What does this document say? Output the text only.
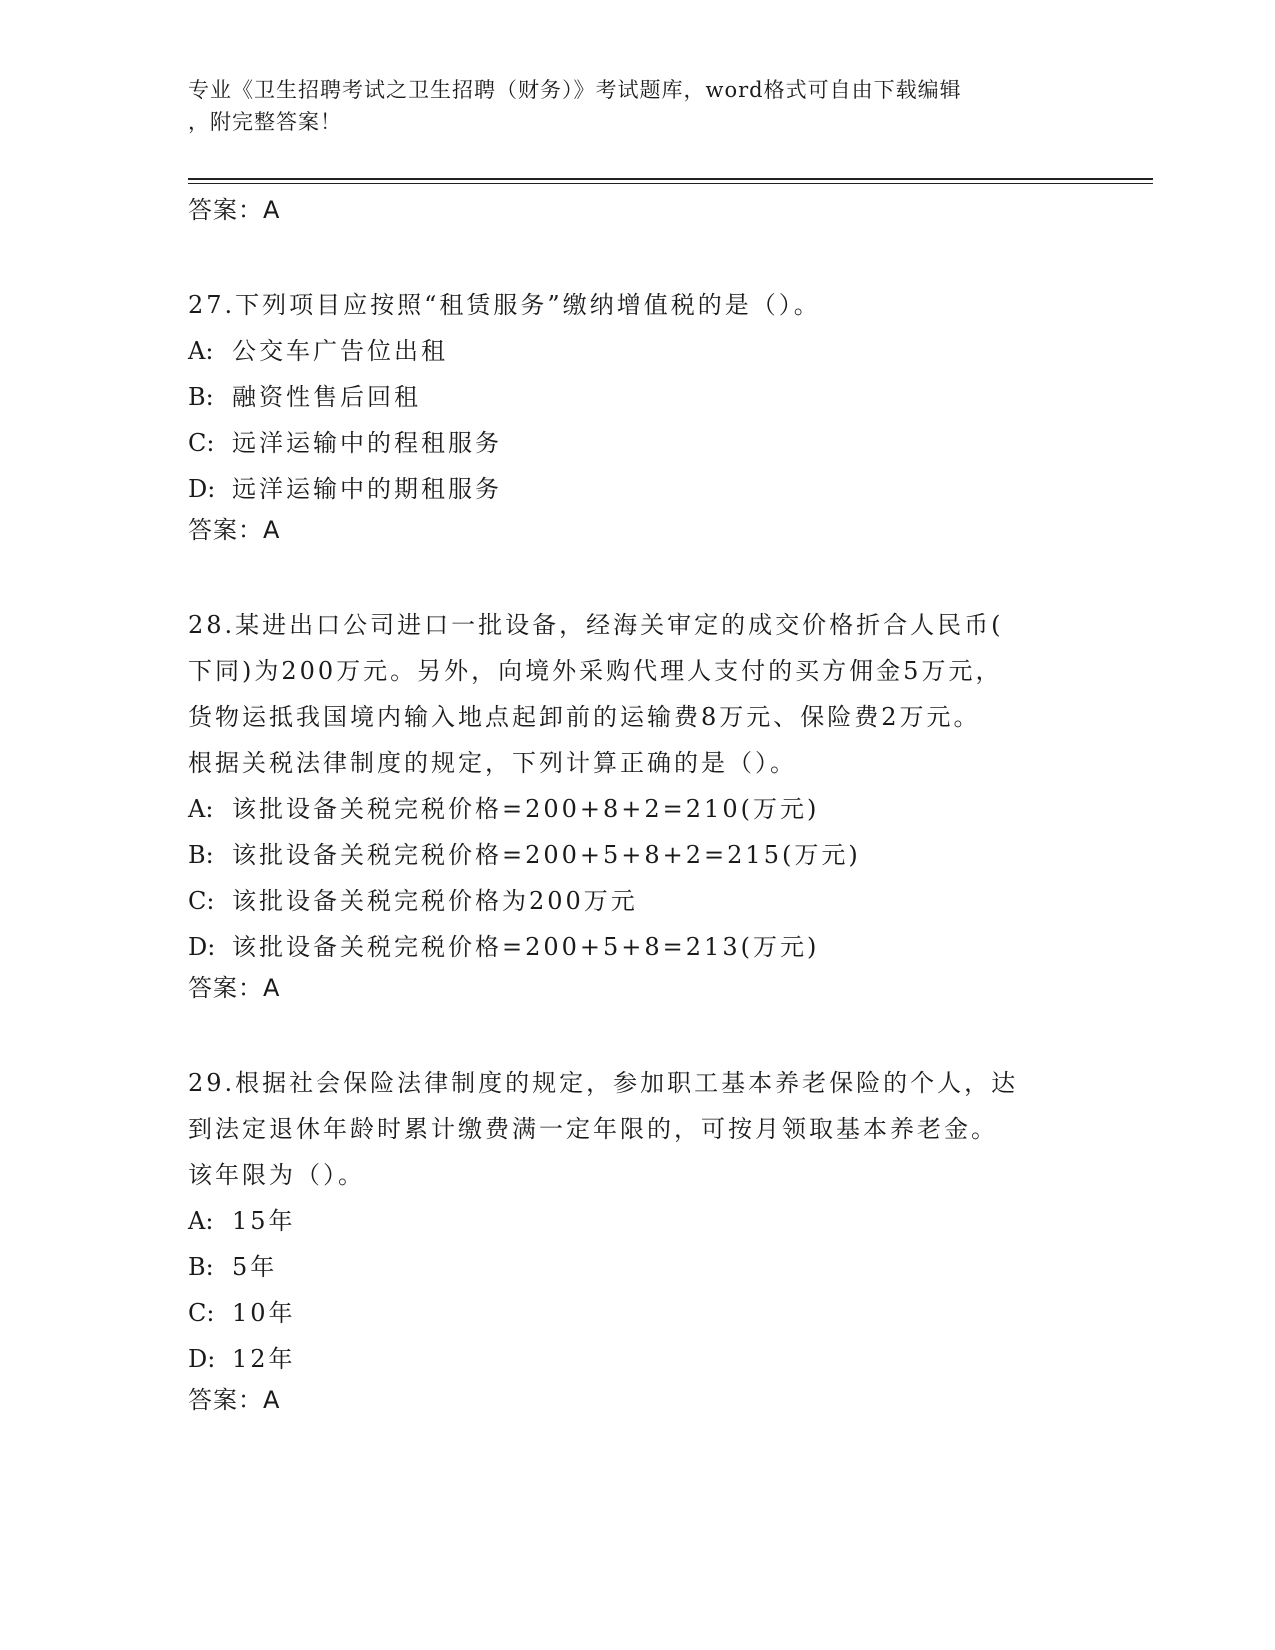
专业《卫生招聘考试之卫生招聘（财务）》考试题库，word格式可自由下载编辑
，附完整答案！
答案：A
27.下列项目应按照“租赁服务”缴纳增值税的是（）。
A: 公交车广告位出租
B: 融资性售后回租
C: 远洋运输中的程租服务
D: 远洋运输中的期租服务
答案：A
28.某进出口公司进口一批设备，经海关审定的成交价格折合人民币(
下同)为200万元。另外，向境外采购代理人支付的买方佣金5万元，
货物运抵我国境内输入地点起卸前的运输费8万元、保险费2万元。
根据关税法律制度的规定，下列计算正确的是（）。
A: 该批设备关税完税价格=200+8+2=210(万元)
B: 该批设备关税完税价格=200+5+8+2=215(万元)
C: 该批设备关税完税价格为200万元
D: 该批设备关税完税价格=200+5+8=213(万元)
答案：A
29.根据社会保险法律制度的规定，参加职工基本养老保险的个人，达
到法定退休年龄时累计缴费满一定年限的，可按月领取基本养老金。
该年限为（）。
A: 15年
B: 5年
C: 10年
D: 12年
答案：A
